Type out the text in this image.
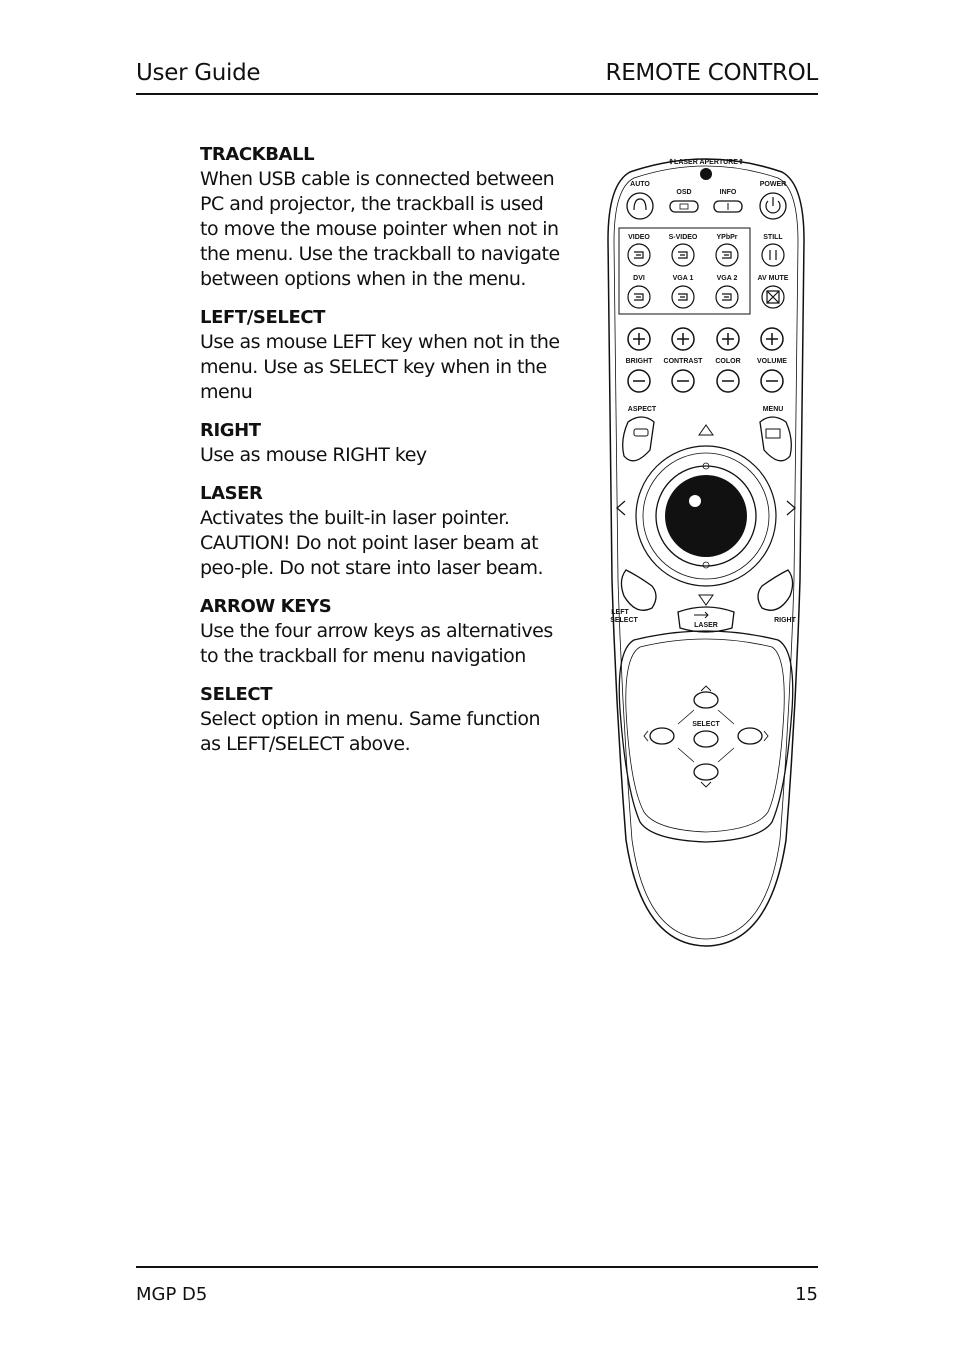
User Guide	REMOTE CONTROL
TRACKBALL

When USB cable is connected between PC and projector, the trackball is used to move the mouse pointer when not in the menu. Use the trackball to navigate between options when in the menu.

LEFT/SELECT

Use as mouse LEFT key when not in the menu. Use as SELECT key when in the menu

RIGHT

Use as mouse RIGHT key

LASER

Activates the built-in laser pointer. CAUTION! Do not point laser beam at peo-ple. Do not stare into laser beam.

ARROW KEYS

Use the four arrow keys as alternatives to the trackball for menu navigation

SELECT

Select option in menu. Same function as LEFT/SELECT above.

⇑LASER APERTURE⇑
AUTO
OSD	INFO
POWER
VIDEO	S-VIDEO	YPbPr	STILL
DVI	VGA 1	VGA 2	AV MUTE
BRIGHT CONTRAST COLOR VOLUME
ASPECT	MENU
LEFT
SELECT	RIGHT
LASER
SELECT
MGP D5	15
